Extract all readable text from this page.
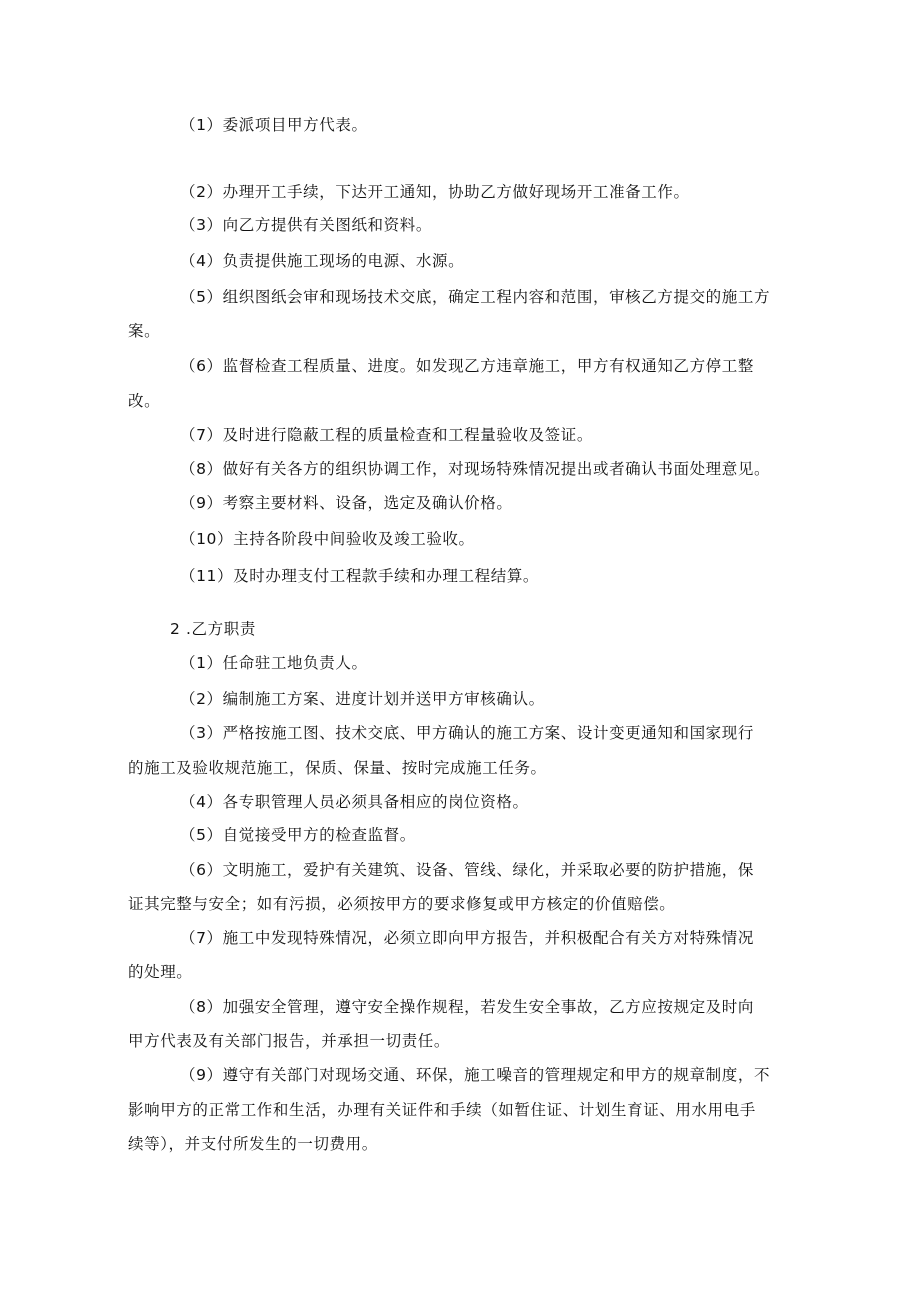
（1）委派项目甲方代表。
（2）办理开工手续，下达开工通知，协助乙方做好现场开工准备工作。
（3）向乙方提供有关图纸和资料。
（4）负责提供施工现场的电源、水源。
（5）组织图纸会审和现场技术交底，确定工程内容和范围，审核乙方提交的施工方
案。
（6）监督检查工程质量、进度。如发现乙方违章施工，甲方有权通知乙方停工整
改。
（7）及时进行隐蔽工程的质量检查和工程量验收及签证。
（8）做好有关各方的组织协调工作，对现场特殊情况提出或者确认书面处理意见。
（9）考察主要材料、设备，选定及确认价格。
（10）主持各阶段中间验收及竣工验收。
（11）及时办理支付工程款手续和办理工程结算。
2 .乙方职责
（1）任命驻工地负责人。
（2）编制施工方案、进度计划并送甲方审核确认。
（3）严格按施工图、技术交底、甲方确认的施工方案、设计变更通知和国家现行
的施工及验收规范施工，保质、保量、按时完成施工任务。
（4）各专职管理人员必须具备相应的岗位资格。
（5）自觉接受甲方的检查监督。
（6）文明施工，爱护有关建筑、设备、管线、绿化，并采取必要的防护措施，保
证其完整与安全；如有污损，必须按甲方的要求修复或甲方核定的价值赔偿。
（7）施工中发现特殊情况，必须立即向甲方报告，并积极配合有关方对特殊情况
的处理。
（8）加强安全管理，遵守安全操作规程，若发生安全事故，乙方应按规定及时向
甲方代表及有关部门报告，并承担一切责任。
（9）遵守有关部门对现场交通、环保，施工噪音的管理规定和甲方的规章制度，不
影响甲方的正常工作和生活，办理有关证件和手续（如暂住证、计划生育证、用水用电手
续等），并支付所发生的一切费用。
